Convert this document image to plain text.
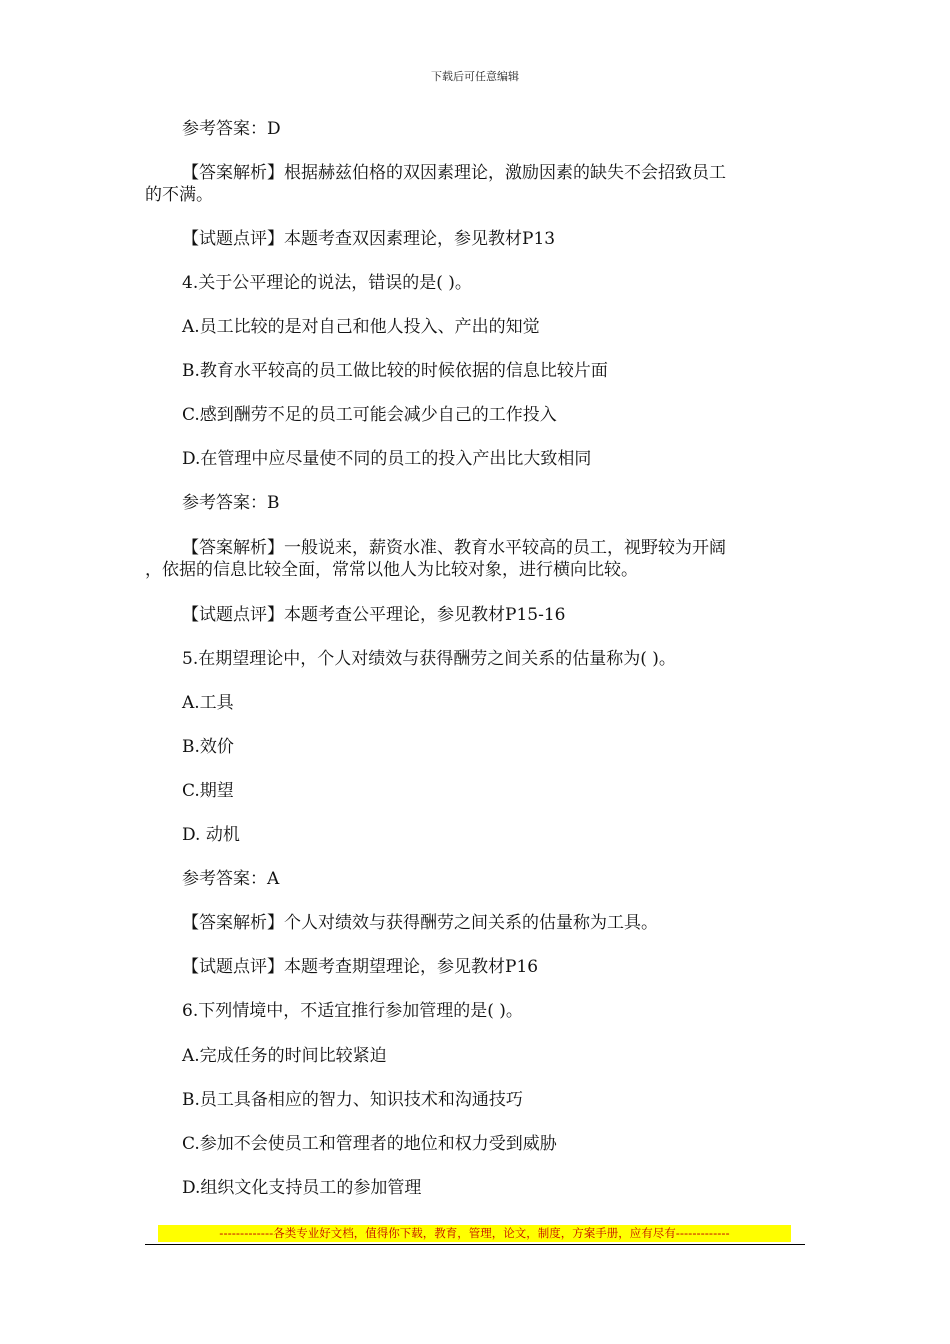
下载后可任意编辑
参考答案：D
【答案解析】根据赫兹伯格的双因素理论，激励因素的缺失不会招致员工
的不满。
【试题点评】本题考查双因素理论，参见教材P13
4.关于公平理论的说法，错误的是( )。
A.员工比较的是对自己和他人投入、产出的知觉
B.教育水平较高的员工做比较的时候依据的信息比较片面
C.感到酬劳不足的员工可能会减少自己的工作投入
D.在管理中应尽量使不同的员工的投入产出比大致相同
参考答案：B
【答案解析】一般说来，薪资水准、教育水平较高的员工，视野较为开阔
，依据的信息比较全面，常常以他人为比较对象，进行横向比较。
【试题点评】本题考查公平理论，参见教材P15-16
5.在期望理论中，个人对绩效与获得酬劳之间关系的估量称为( )。
A.工具
B.效价
C.期望
D. 动机
参考答案：A
【答案解析】个人对绩效与获得酬劳之间关系的估量称为工具。
【试题点评】本题考查期望理论，参见教材P16
6.下列情境中，不适宜推行参加管理的是( )。
A.完成任务的时间比较紧迫
B.员工具备相应的智力、知识技术和沟通技巧
C.参加不会使员工和管理者的地位和权力受到威胁
D.组织文化支持员工的参加管理
-------------各类专业好文档，值得你下载，教育，管理，论文，制度，方案手册，应有尽有-------------
